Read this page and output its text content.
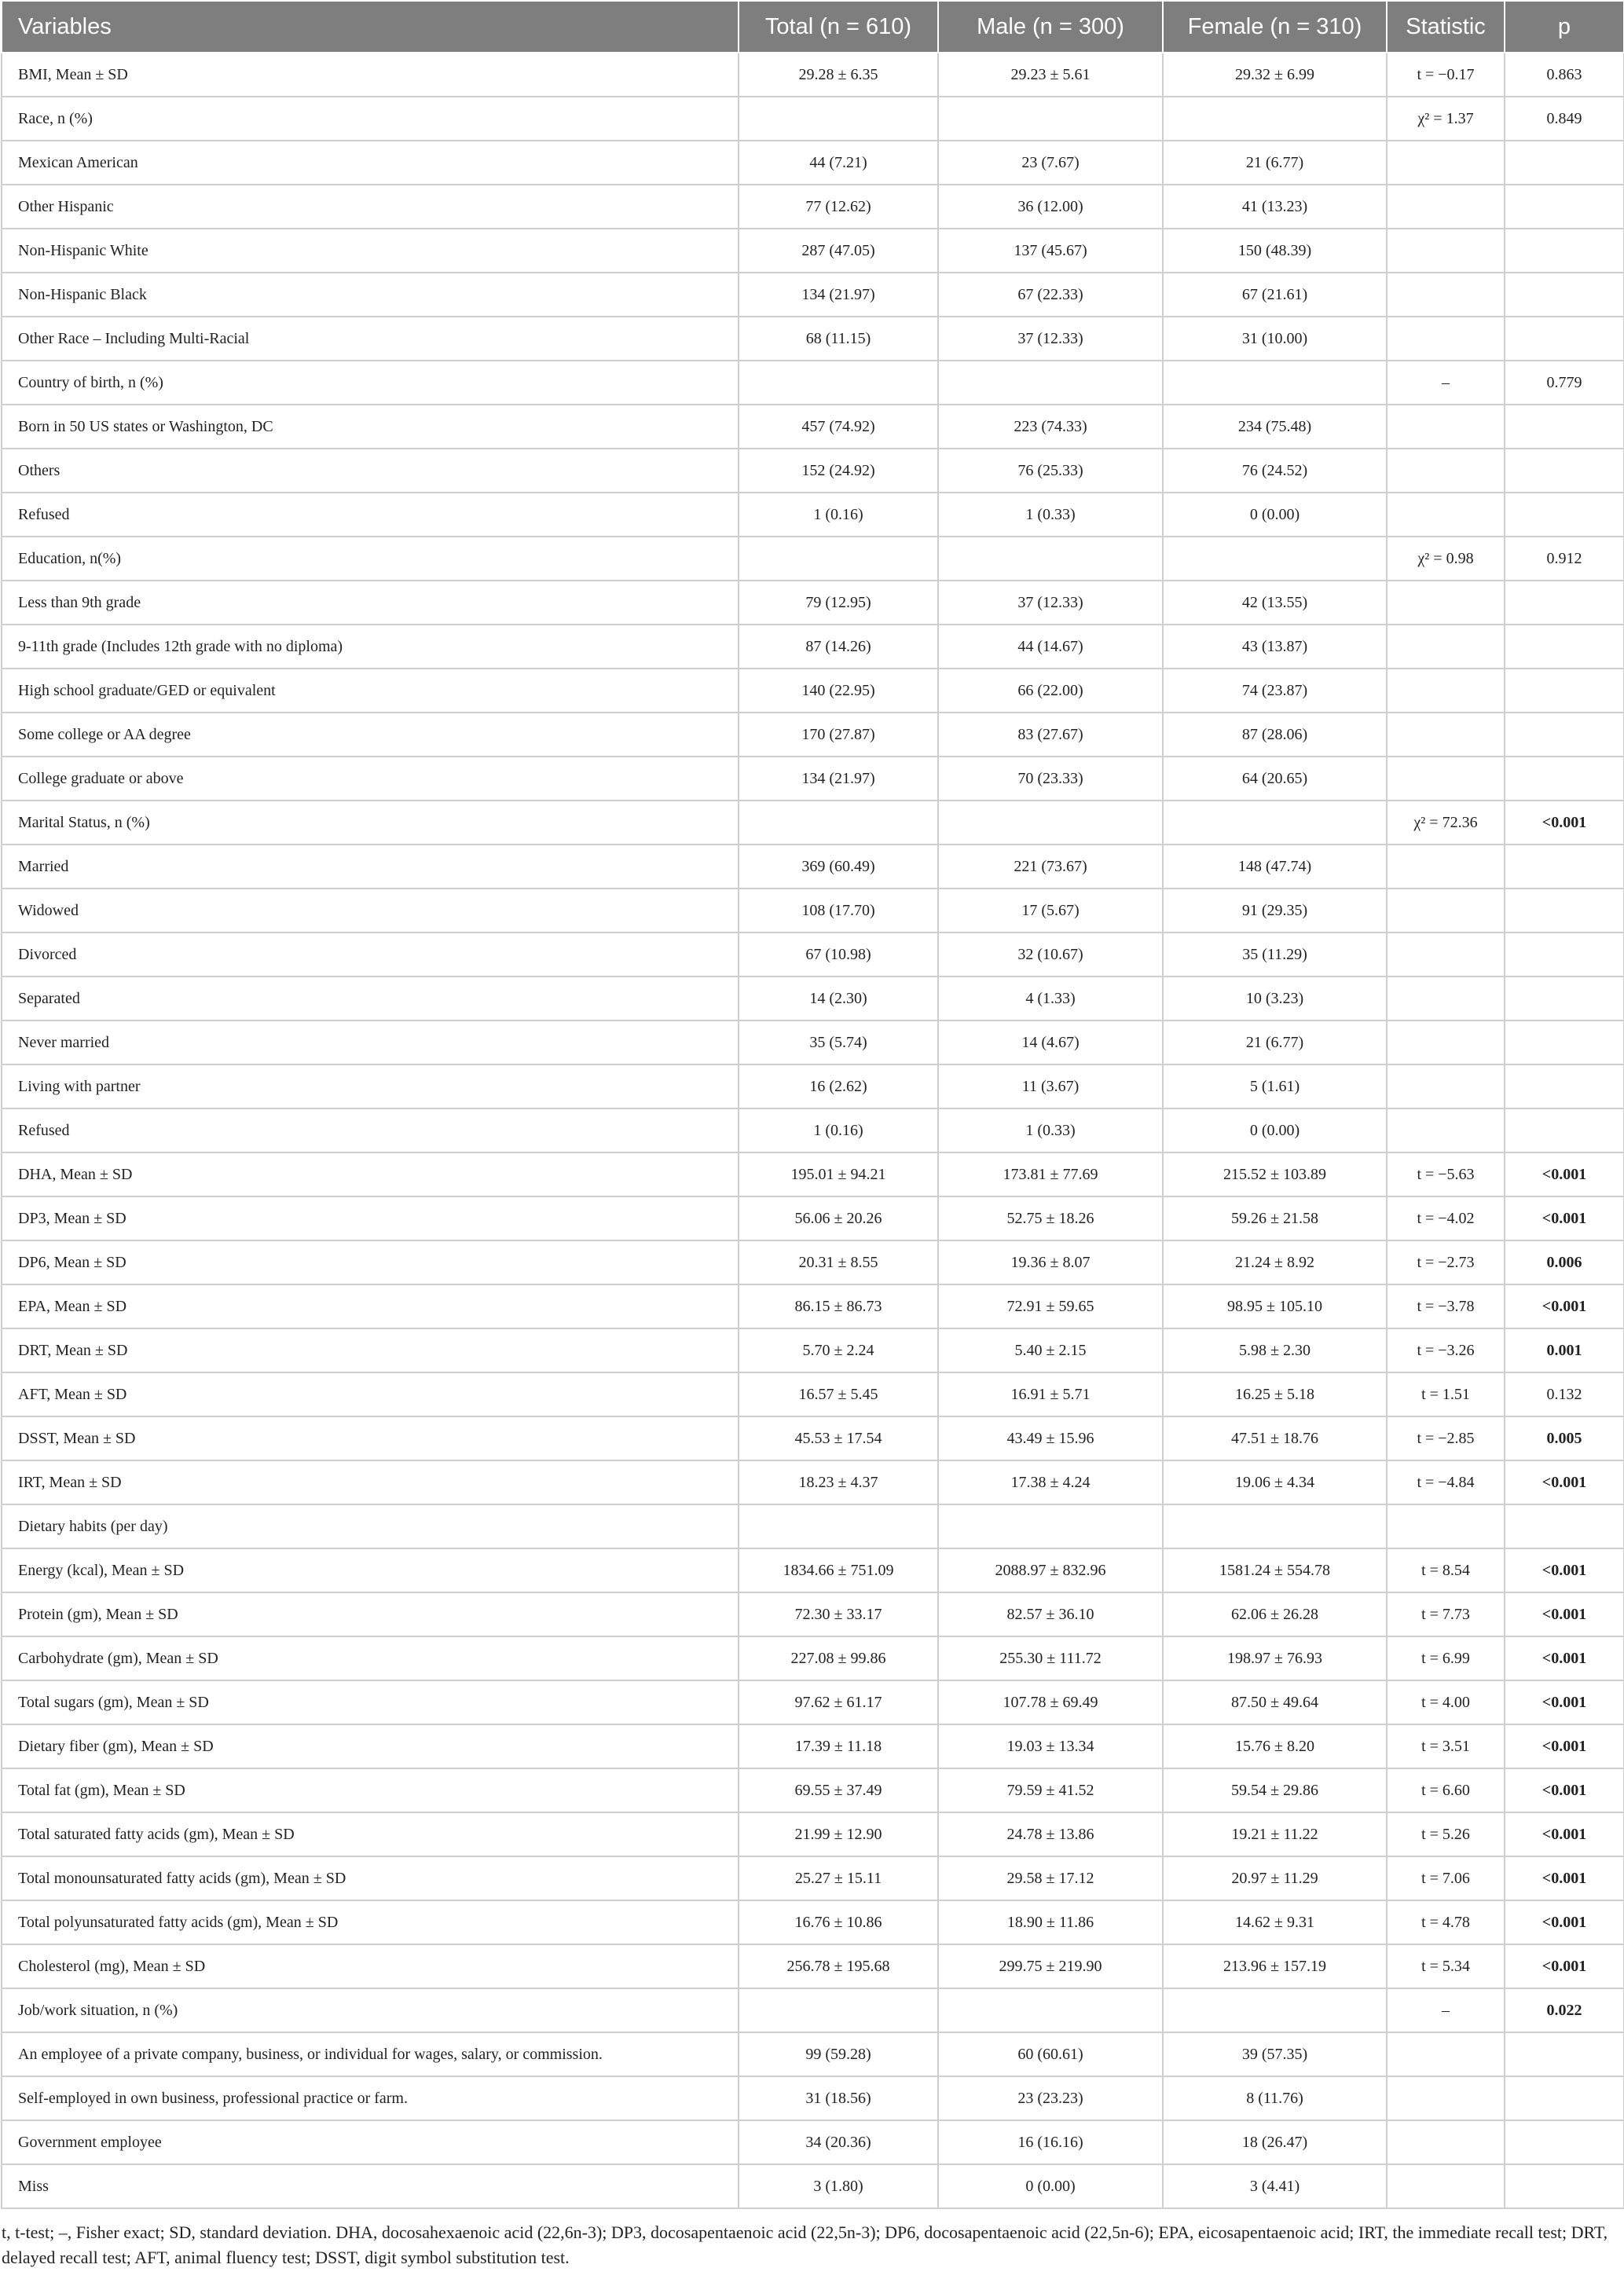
Variables	Total (n = 610)	Male (n = 300)	Female (n = 310)	Statistic	p
BMI, Mean ± SD	29.28 ± 6.35	29.23 ± 5.61	29.32 ± 6.99	t = −0.17	0.863
Race, n (%)				χ² = 1.37	0.849
Mexican American	44 (7.21)	23 (7.67)	21 (6.77)		
Other Hispanic	77 (12.62)	36 (12.00)	41 (13.23)		
Non-Hispanic White	287 (47.05)	137 (45.67)	150 (48.39)		
Non-Hispanic Black	134 (21.97)	67 (22.33)	67 (21.61)		
Other Race – Including Multi-Racial	68 (11.15)	37 (12.33)	31 (10.00)		
Country of birth, n (%)				–	0.779
Born in 50 US states or Washington, DC	457 (74.92)	223 (74.33)	234 (75.48)		
Others	152 (24.92)	76 (25.33)	76 (24.52)		
Refused	1 (0.16)	1 (0.33)	0 (0.00)		
Education, n(%)				χ² = 0.98	0.912
Less than 9th grade	79 (12.95)	37 (12.33)	42 (13.55)		
9-11th grade (Includes 12th grade with no diploma)	87 (14.26)	44 (14.67)	43 (13.87)		
High school graduate/GED or equivalent	140 (22.95)	66 (22.00)	74 (23.87)		
Some college or AA degree	170 (27.87)	83 (27.67)	87 (28.06)		
College graduate or above	134 (21.97)	70 (23.33)	64 (20.65)		
Marital Status, n (%)				χ² = 72.36	<0.001
Married	369 (60.49)	221 (73.67)	148 (47.74)		
Widowed	108 (17.70)	17 (5.67)	91 (29.35)		
Divorced	67 (10.98)	32 (10.67)	35 (11.29)		
Separated	14 (2.30)	4 (1.33)	10 (3.23)		
Never married	35 (5.74)	14 (4.67)	21 (6.77)		
Living with partner	16 (2.62)	11 (3.67)	5 (1.61)		
Refused	1 (0.16)	1 (0.33)	0 (0.00)		
DHA, Mean ± SD	195.01 ± 94.21	173.81 ± 77.69	215.52 ± 103.89	t = −5.63	<0.001
DP3, Mean ± SD	56.06 ± 20.26	52.75 ± 18.26	59.26 ± 21.58	t = −4.02	<0.001
DP6, Mean ± SD	20.31 ± 8.55	19.36 ± 8.07	21.24 ± 8.92	t = −2.73	0.006
EPA, Mean ± SD	86.15 ± 86.73	72.91 ± 59.65	98.95 ± 105.10	t = −3.78	<0.001
DRT, Mean ± SD	5.70 ± 2.24	5.40 ± 2.15	5.98 ± 2.30	t = −3.26	0.001
AFT, Mean ± SD	16.57 ± 5.45	16.91 ± 5.71	16.25 ± 5.18	t = 1.51	0.132
DSST, Mean ± SD	45.53 ± 17.54	43.49 ± 15.96	47.51 ± 18.76	t = −2.85	0.005
IRT, Mean ± SD	18.23 ± 4.37	17.38 ± 4.24	19.06 ± 4.34	t = −4.84	<0.001
Dietary habits (per day)					
Energy (kcal), Mean ± SD	1834.66 ± 751.09	2088.97 ± 832.96	1581.24 ± 554.78	t = 8.54	<0.001
Protein (gm), Mean ± SD	72.30 ± 33.17	82.57 ± 36.10	62.06 ± 26.28	t = 7.73	<0.001
Carbohydrate (gm), Mean ± SD	227.08 ± 99.86	255.30 ± 111.72	198.97 ± 76.93	t = 6.99	<0.001
Total sugars (gm), Mean ± SD	97.62 ± 61.17	107.78 ± 69.49	87.50 ± 49.64	t = 4.00	<0.001
Dietary fiber (gm), Mean ± SD	17.39 ± 11.18	19.03 ± 13.34	15.76 ± 8.20	t = 3.51	<0.001
Total fat (gm), Mean ± SD	69.55 ± 37.49	79.59 ± 41.52	59.54 ± 29.86	t = 6.60	<0.001
Total saturated fatty acids (gm), Mean ± SD	21.99 ± 12.90	24.78 ± 13.86	19.21 ± 11.22	t = 5.26	<0.001
Total monounsaturated fatty acids (gm), Mean ± SD	25.27 ± 15.11	29.58 ± 17.12	20.97 ± 11.29	t = 7.06	<0.001
Total polyunsaturated fatty acids (gm), Mean ± SD	16.76 ± 10.86	18.90 ± 11.86	14.62 ± 9.31	t = 4.78	<0.001
Cholesterol (mg), Mean ± SD	256.78 ± 195.68	299.75 ± 219.90	213.96 ± 157.19	t = 5.34	<0.001
Job/work situation, n (%)				–	0.022
An employee of a private company, business, or individual for wages, salary, or commission.	99 (59.28)	60 (60.61)	39 (57.35)		
Self-employed in own business, professional practice or farm.	31 (18.56)	23 (23.23)	8 (11.76)		
Government employee	34 (20.36)	16 (16.16)	18 (26.47)		
Miss	3 (1.80)	0 (0.00)	3 (4.41)		
t, t-test; –, Fisher exact; SD, standard deviation. DHA, docosahexaenoic acid (22,6n-3); DP3, docosapentaenoic acid (22,5n-3); DP6, docosapentaenoic acid (22,5n-6); EPA, eicosapentaenoic acid; IRT, the immediate recall test; DRT, delayed recall test; AFT, animal fluency test; DSST, digit symbol substitution test.
